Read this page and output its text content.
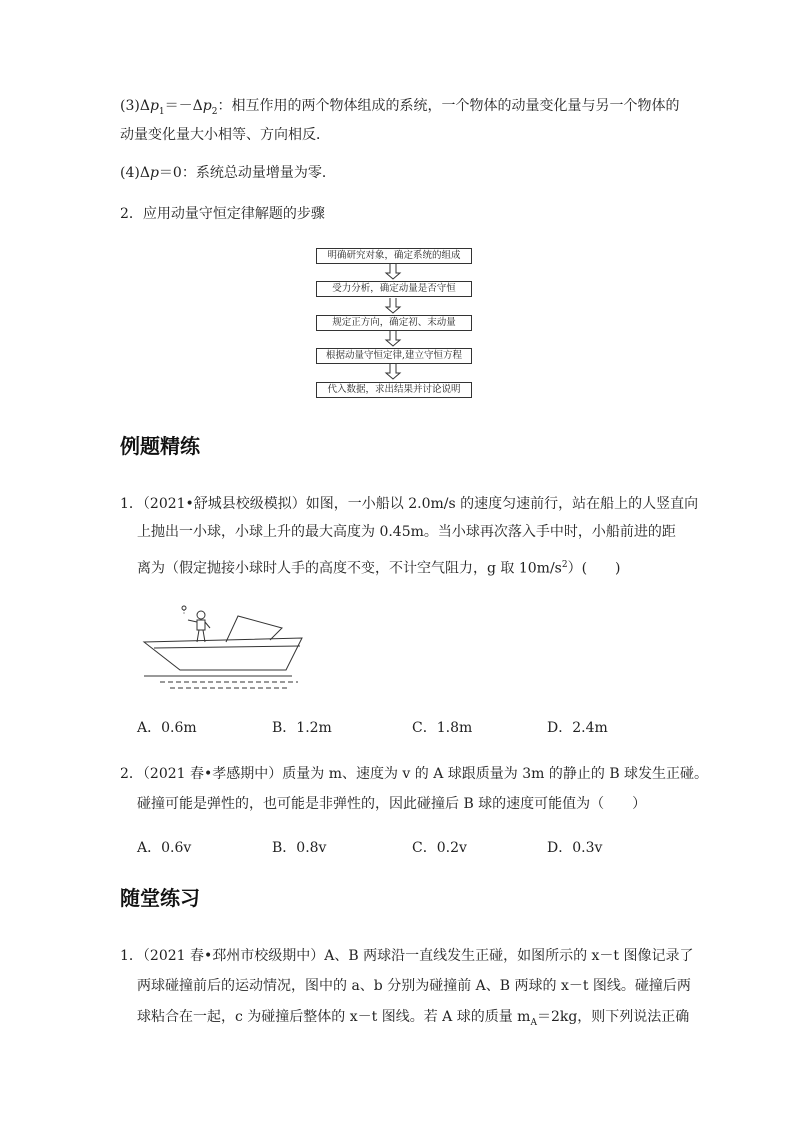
$(3)\Delta p_1=-\Delta p_2$：相互作用的两个物体组成的系统，一个物体的动量变化量与另一个物体的
动量变化量大小相等、方向相反．
(4)Δp＝0：系统总动量增量为零．
2．应用动量守恒定律解题的步骤
明确研究对象，确定系统的组成
受力分析，确定动量是否守恒
规定正方向，确定初、末动量
根据动量守恒定律,建立守恒方程
代入数据，求出结果并讨论说明
例题精练
1．（2021•舒城县校级模拟）如图，一小船以 2.0m/s 的速度匀速前行，站在船上的人竖直向
上抛出一小球，小球上升的最大高度为 0.45m。当小球再次落入手中时，小船前进的距
离为（假定抛接小球时人手的高度不变，不计空气阻力，g 取 $10m/s^2$）(　　)
A．0.6m	B．1.2m	C．1.8m	D．2.4m
2．（2021 春•孝感期中）质量为 m、速度为 v 的 A 球跟质量为 3m 的静止的 B 球发生正碰。
碰撞可能是弹性的，也可能是非弹性的，因此碰撞后 B 球的速度可能值为（　　）
A．0.6v	B．0.8v	C．0.2v	D．0.3v
随堂练习
1．（2021 春•邳州市校级期中）A、B 两球沿一直线发生正碰，如图所示的 x－t 图像记录了
两球碰撞前后的运动情况，图中的 a、b 分别为碰撞前 A、B 两球的 x－t 图线。碰撞后两
球粘合在一起，c 为碰撞后整体的 x－t 图线。若 A 球的质量 $m_A=2kg$，则下列说法正确
